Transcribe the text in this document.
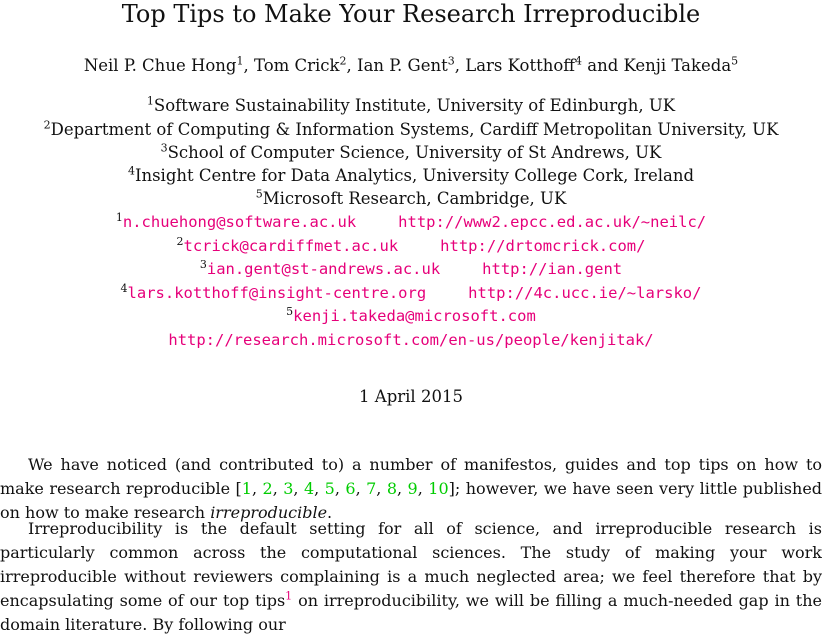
Top Tips to Make Your Research Irreproducible
Neil P. Chue Hong$^1$, Tom Crick$^2$, Ian P. Gent$^3$, Lars Kotthoff$^4$ and Kenji Takeda$^5$
$^1$Software Sustainability Institute, University of Edinburgh, UK
$^2$Department of Computing & Information Systems, Cardiff Metropolitan University, UK
$^3$School of Computer Science, University of St Andrews, UK
$^4$Insight Centre for Data Analytics, University College Cork, Ireland
$^5$Microsoft Research, Cambridge, UK
$^1$n.chuehong@software.ac.uk	http://www2.epcc.ed.ac.uk/~neilc/
$^2$tcrick@cardiffmet.ac.uk	http://drtomcrick.com/
$^3$ian.gent@st-andrews.ac.uk	http://ian.gent
$^4$lars.kotthoff@insight-centre.org	http://4c.ucc.ie/~larsko/
$^5$kenji.takeda@microsoft.com
http://research.microsoft.com/en-us/people/kenjitak/
1 April 2015
We have noticed (and contributed to) a number of manifestos, guides and top tips on how to make research reproducible [1, 2, 3, 4, 5, 6, 7, 8, 9, 10]; however, we have seen very little published on how to make research irreproducible.
Irreproducibility is the default setting for all of science, and irreproducible research is particularly common across the computational sciences. The study of making your work irreproducible without reviewers complaining is a much neglected area; we feel therefore that by encapsulating some of our top tips$^1$ on irreproducibility, we will be filling a much-needed gap in the domain literature. By following our
